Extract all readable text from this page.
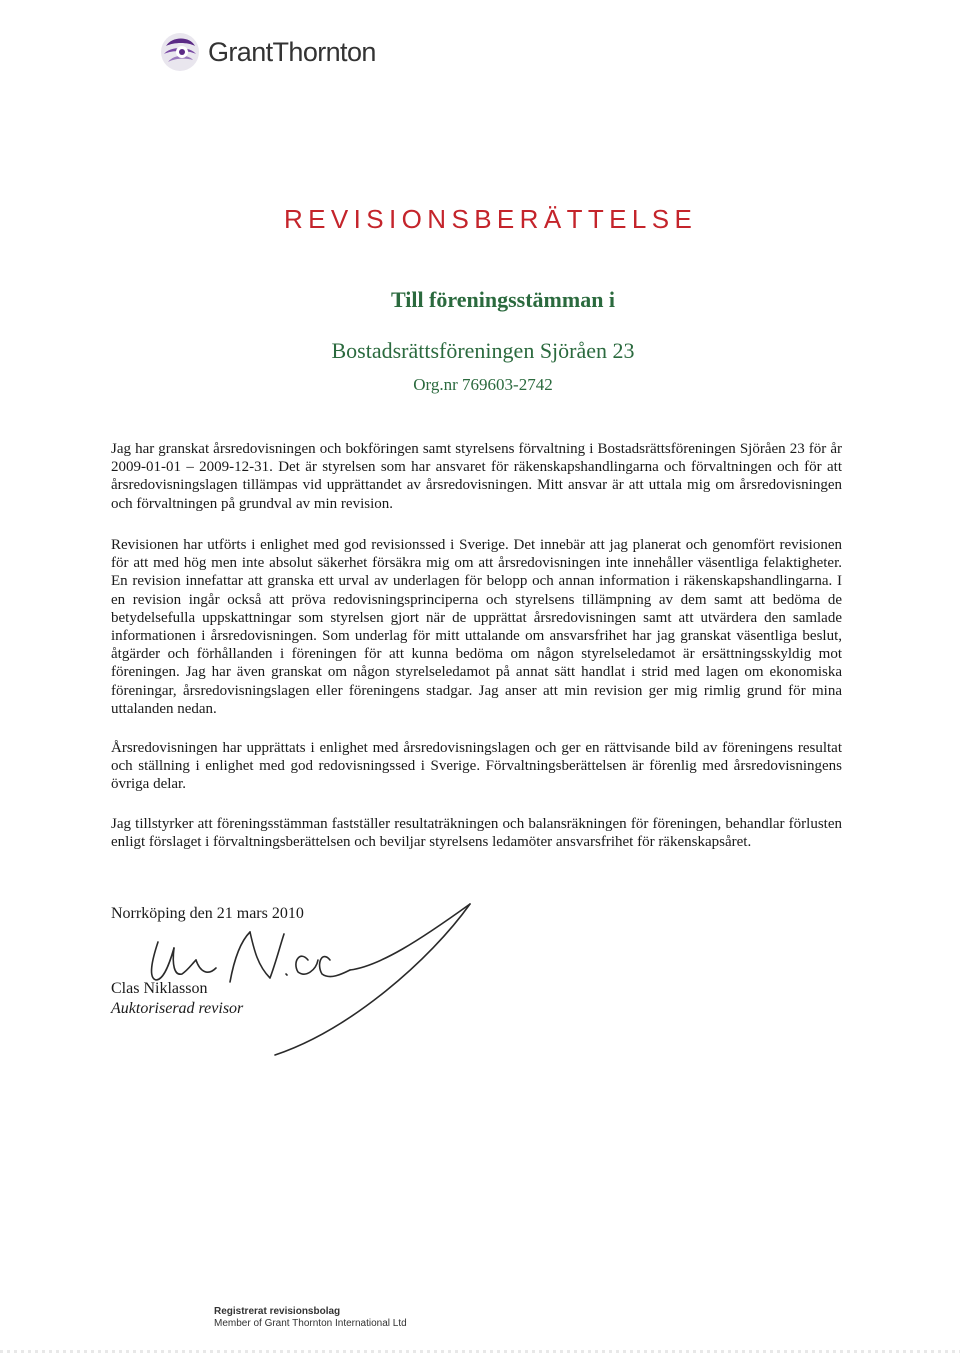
GrantThornton
REVISIONSBERÄTTELSE

Till föreningsstämman i

Bostadsrättsföreningen Sjöråen 23

Org.nr 769603-2742

Jag har granskat årsredovisningen och bokföringen samt styrelsens förvaltning i Bostadsrättsföreningen Sjöråen 23 för år 2009-01-01 – 2009-12-31. Det är styrelsen som har ansvaret för räkenskapshandlingarna och förvaltningen och för att årsredovisningslagen tillämpas vid upprättandet av årsredovisningen. Mitt ansvar är att uttala mig om årsredovisningen och förvaltningen på grundval av min revision.

Revisionen har utförts i enlighet med god revisionssed i Sverige. Det innebär att jag planerat och genomfört revisionen för att med hög men inte absolut säkerhet försäkra mig om att årsredovisningen inte innehåller väsentliga felaktigheter. En revision innefattar att granska ett urval av underlagen för belopp och annan information i räkenskapshandlingarna. I en revision ingår också att pröva redovisningsprinciperna och styrelsens tillämpning av dem samt att bedöma de betydelsefulla uppskattningar som styrelsen gjort när de upprättat årsredovisningen samt att utvärdera den samlade informationen i årsredovisningen. Som underlag för mitt uttalande om ansvarsfrihet har jag granskat väsentliga beslut, åtgärder och förhållanden i föreningen för att kunna bedöma om någon styrelseledamot är ersättningsskyldig mot föreningen. Jag har även granskat om någon styrelseledamot på annat sätt handlat i strid med lagen om ekonomiska föreningar, årsredovisningslagen eller föreningens stadgar. Jag anser att min revision ger mig rimlig grund för mina uttalanden nedan.

Årsredovisningen har upprättats i enlighet med årsredovisningslagen och ger en rättvisande bild av föreningens resultat och ställning i enlighet med god redovisningssed i Sverige. Förvaltningsberättelsen är förenlig med årsredovisningens övriga delar.

Jag tillstyrker att föreningsstämman fastställer resultaträkningen och balansräkningen för föreningen, behandlar förlusten enligt förslaget i förvaltningsberättelsen och beviljar styrelsens ledamöter ansvarsfrihet för räkenskapsåret.

Norrköping den 21 mars 2010

Clas Niklasson

Auktoriserad revisor

Registrerat revisionsbolag

Member of Grant Thornton International Ltd
